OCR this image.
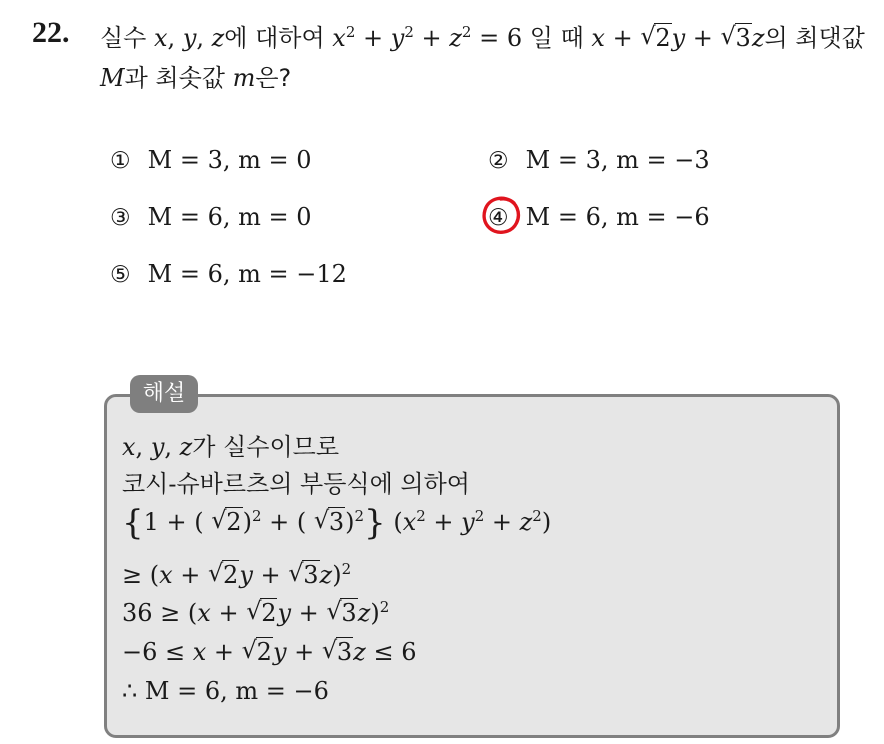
22. 실수 x, y, z에 대하여 $x^2 + y^2 + z^2 = 6$ 일 때 x + √ 2y + √ 3z의 최댓값
M과 최솟값 m은?
① M = 3, m = 0	② M = 3, m = −3
③ M = 6, m = 0	④ M = 6, m = −6
⑤ M = 6, m = −12
해설
x, y, z가 실수이므로
코시-슈바르츠의 부등식에 의하여
{1 + ( √ 2)$^2$ + ( √ 3)$^2$} $(x^2 + y^2 + z^2)$
≥ (x + √ 2y + √ 3z)$^2$
36 ≥ (x + √ 2y + √ 3z)$^2$
−6 ≤ x + √ 2y + √ 3z ≤ 6
∴ M = 6, m = −6
